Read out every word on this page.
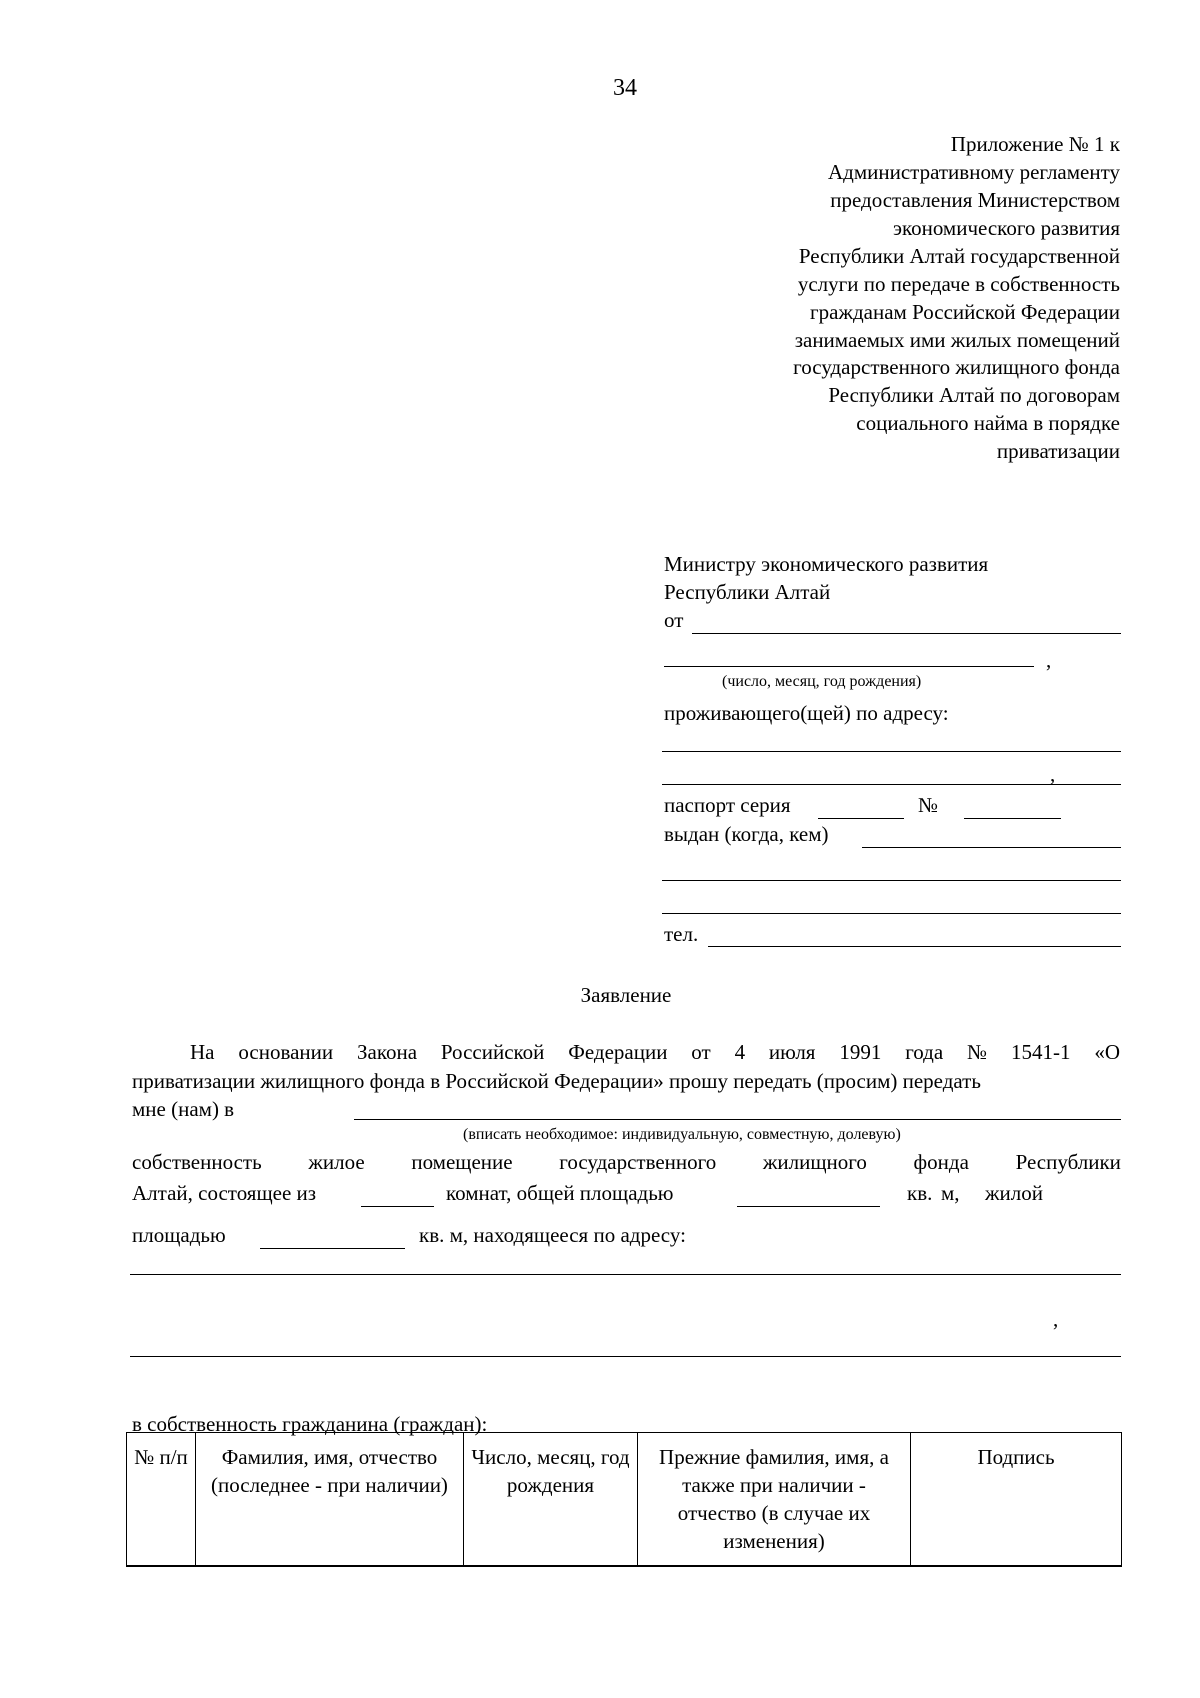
34
Приложение № 1 к
Административному регламенту
предоставления Министерством
экономического развития
Республики Алтай государственной
услуги по передаче в собственность
гражданам Российской Федерации
занимаемых ими жилых помещений
государственного жилищного фонда
Республики Алтай по договорам
социального найма в порядке
приватизации
Министру экономического развития
Республики Алтай
от
,
(число, месяц, год рождения)
проживающего(щей) по адресу:
,
паспорт серия	№
выдан (когда, кем)
тел.
Заявление
На основании Закона Российской Федерации от 4 июля 1991 года № 1541-1 «О
приватизации жилищного фонда в Российской Федерации» прошу передать (просим) передать
мне (нам) в
(вписать необходимое: индивидуальную, совместную, долевую)
собственность жилое помещение государственного жилищного фонда Республики
Алтай, состоящее из	комнат, общей площадью	кв. м, жилой
площадью	кв. м, находящееся по адресу:
,
в собственность гражданина (граждан):
№ п/п	Фамилия, имя, отчество (последнее - при наличии)	Число, месяц, год рождения	Прежние фамилия, имя, а также при наличии - отчество (в случае их изменения)	Подпись
